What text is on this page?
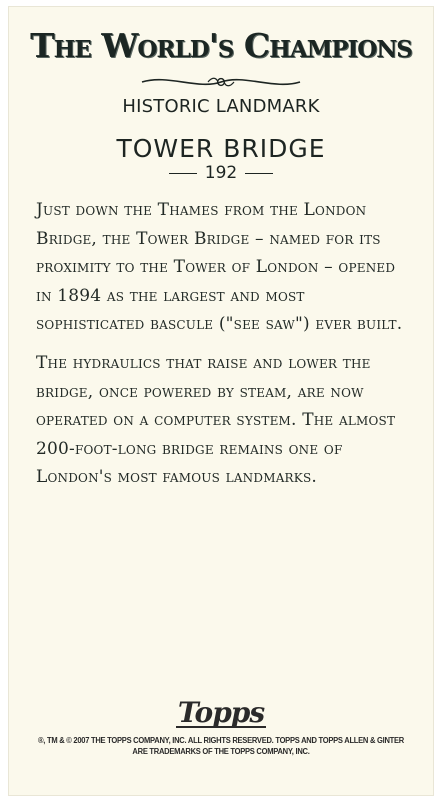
The World's Champions
HISTORIC LANDMARK
TOWER BRIDGE
192

Just down the Thames from the London Bridge, the Tower Bridge – named for its proximity to the Tower of London – opened in 1894 as the largest and most sophisticated bascule ("see saw") ever built.

The hydraulics that raise and lower the bridge, once powered by steam, are now operated on a computer system. The almost 200-foot-long bridge remains one of London's most famous landmarks.

Topps
®, TM & © 2007 THE TOPPS COMPANY, INC. ALL RIGHTS RESERVED. TOPPS AND TOPPS ALLEN & GINTER
ARE TRADEMARKS OF THE TOPPS COMPANY, INC.
